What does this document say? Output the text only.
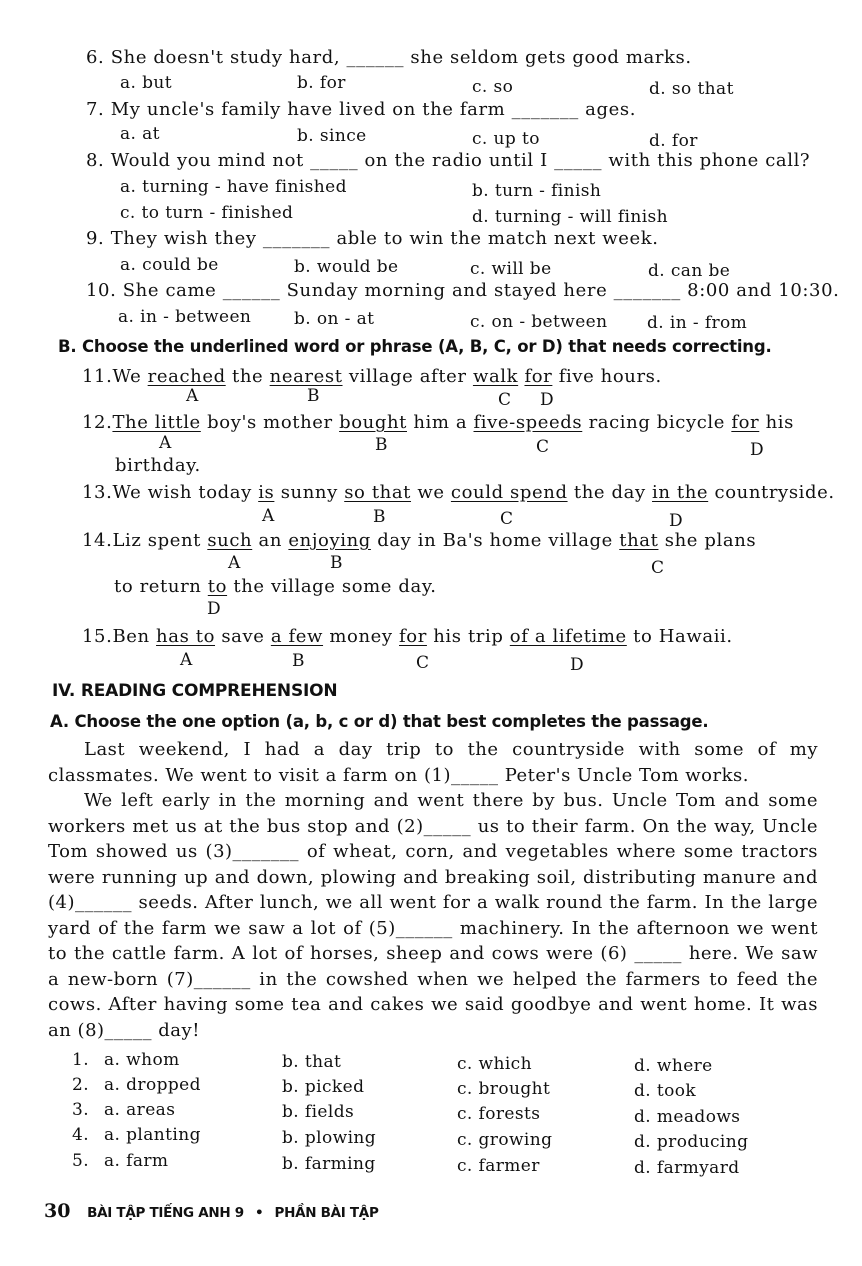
6. She doesn't study hard, ______ she seldom gets good marks.
a. but	b. for	c. so	d. so that
7. My uncle's family have lived on the farm _______ ages.
a. at	b. since	c. up to	d. for
8. Would you mind not _____ on the radio until I _____ with this phone call?
a. turning - have finished	b. turn - finish
c. to turn - finished	d. turning - will finish
9. They wish they _______ able to win the match next week.
a. could be	b. would be	c. will be	d. can be
10. She came ______ Sunday morning and stayed here _______ 8:00 and 10:30.
a. in - between	b. on - at	c. on - between d. in - from
B. Choose the underlined word or phrase (A, B, C, or D) that needs correcting.
11.We reached the nearest village after walk for five hours.
A	B	C D
12.The little boy's mother bought him a five-speeds racing bicycle for his
A	B	C	D
birthday.
13.We wish today is sunny so that we could spend the day in the countryside.
A	B	C	D
14.Liz spent such an enjoying day in Ba's home village that she plans
A	B	C
to return to the village some day.
D
15.Ben has to save a few money for his trip of a lifetime to Hawaii.
A	B	C	D
IV. READING COMPREHENSION
A. Choose the one option (a, b, c or d) that best completes the passage.

Last weekend, I had a day trip to the countryside with some of my classmates. We went to visit a farm on (1)_____ Peter's Uncle Tom works.

We left early in the morning and went there by bus. Uncle Tom and some workers met us at the bus stop and (2)_____ us to their farm. On the way, Uncle Tom showed us (3)_______ of wheat, corn, and vegetables where some tractors were running up and down, plowing and breaking soil, distributing manure and (4)______ seeds. After lunch, we all went for a walk round the farm. In the large yard of the farm we saw a lot of (5)______ machinery. In the afternoon we went to the cattle farm. A lot of horses, sheep and cows were (6) _____ here. We saw a new-born (7)______ in the cowshed when we helped the farmers to feed the cows. After having some tea and cakes we said goodbye and went home. It was an (8)_____ day!

1. a. whom	b. that	c. which	d. where
2. a. dropped	b. picked	c. brought	d. took
3. a. areas	b. fields	c. forests	d. meadows
4. a. planting	b. plowing	c. growing	d. producing
5. a. farm	b. farming	c. farmer	d. farmyard
30 BÀI TẬP TIẾNG ANH 9 • PHẦN BÀI TẬP
